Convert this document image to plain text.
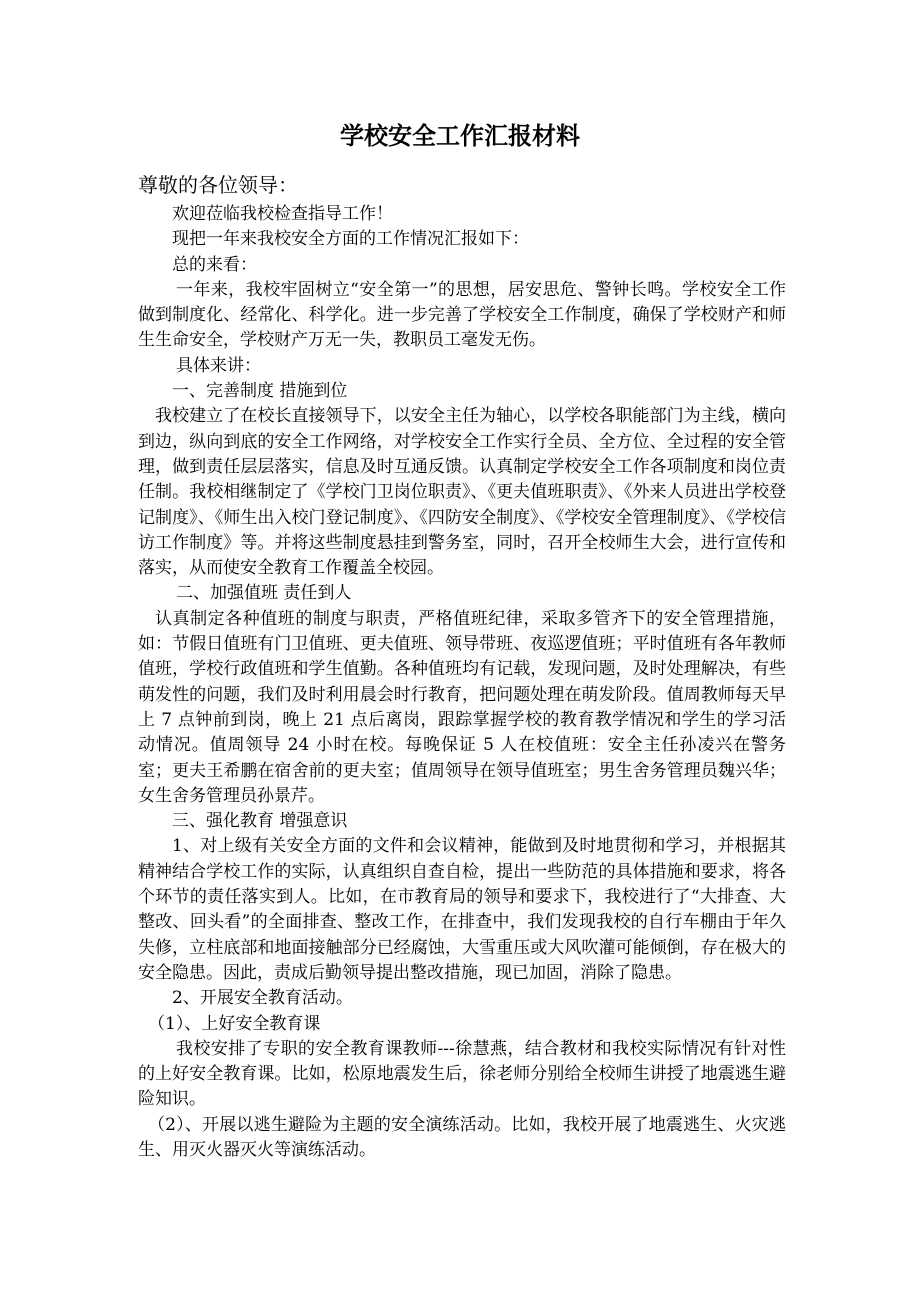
学校安全工作汇报材料
尊敬的各位领导：

欢迎莅临我校检查指导工作！

现把一年来我校安全方面的工作情况汇报如下：

总的来看：

一年来，我校牢固树立“安全第一”的思想，居安思危、警钟长鸣。学校安全工作做到制度化、经常化、科学化。进一步完善了学校安全工作制度，确保了学校财产和师生生命安全，学校财产万无一失，教职员工毫发无伤。

具体来讲：

一、完善制度 措施到位

我校建立了在校长直接领导下，以安全主任为轴心，以学校各职能部门为主线，横向到边，纵向到底的安全工作网络，对学校安全工作实行全员、全方位、全过程的安全管理，做到责任层层落实，信息及时互通反馈。认真制定学校安全工作各项制度和岗位责任制。我校相继制定了《学校门卫岗位职责》、《更夫值班职责》、《外来人员进出学校登记制度》、《师生出入校门登记制度》、《四防安全制度》、《学校安全管理制度》、《学校信访工作制度》等。并将这些制度悬挂到警务室，同时，召开全校师生大会，进行宣传和落实，从而使安全教育工作覆盖全校园。

二、加强值班 责任到人

认真制定各种值班的制度与职责，严格值班纪律，采取多管齐下的安全管理措施，如：节假日值班有门卫值班、更夫值班、领导带班、夜巡逻值班；平时值班有各年教师值班，学校行政值班和学生值勤。各种值班均有记载，发现问题，及时处理解决，有些萌发性的问题，我们及时利用晨会时行教育，把问题处理在萌发阶段。值周教师每天早上 7 点钟前到岗，晚上 21 点后离岗，跟踪掌握学校的教育教学情况和学生的学习活动情况。值周领导 24 小时在校。每晚保证 5 人在校值班：安全主任孙凌兴在警务室；更夫王希鹏在宿舍前的更夫室；值周领导在领导值班室；男生舍务管理员魏兴华；女生舍务管理员孙景芹。

三、强化教育 增强意识

1、对上级有关安全方面的文件和会议精神，能做到及时地贯彻和学习，并根据其精神结合学校工作的实际，认真组织自查自检，提出一些防范的具体措施和要求，将各个环节的责任落实到人。比如，在市教育局的领导和要求下，我校进行了“大排查、大整改、回头看”的全面排查、整改工作，在排查中，我们发现我校的自行车棚由于年久失修，立柱底部和地面接触部分已经腐蚀，大雪重压或大风吹灌可能倾倒，存在极大的安全隐患。因此，责成后勤领导提出整改措施，现已加固，消除了隐患。

2、开展安全教育活动。

（1）、上好安全教育课

我校安排了专职的安全教育课教师---徐慧燕，结合教材和我校实际情况有针对性的上好安全教育课。比如，松原地震发生后，徐老师分别给全校师生讲授了地震逃生避险知识。

（2）、开展以逃生避险为主题的安全演练活动。比如，我校开展了地震逃生、火灾逃生、用灭火器灭火等演练活动。
